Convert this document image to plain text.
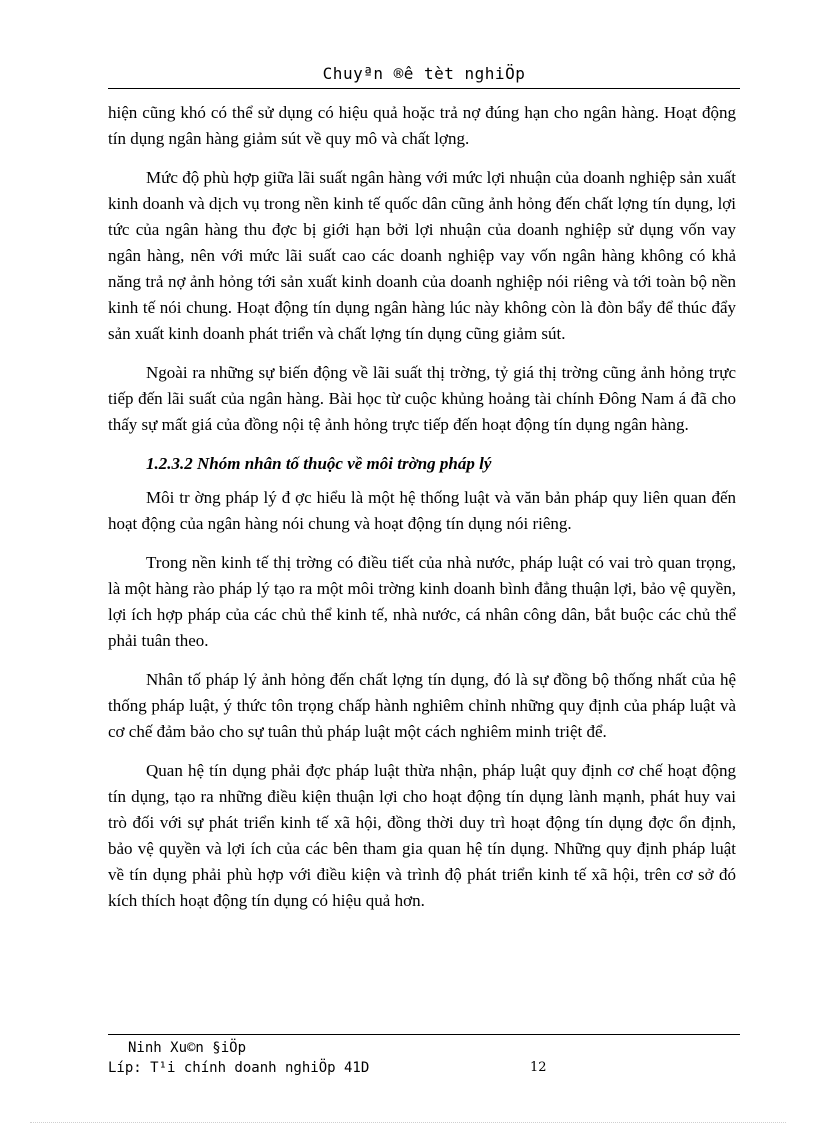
Chuyªn ®ê tèt nghiÖp

hiện cũng khó có thể sử dụng có hiệu quả hoặc trả nợ đúng hạn cho ngân hàng. Hoạt động tín dụng ngân hàng giảm sút về quy mô và chất lợng.

Mức độ phù hợp giữa lãi suất ngân hàng với mức lợi nhuận của doanh nghiệp sản xuất kinh doanh và dịch vụ trong nền kinh tế quốc dân cũng ảnh hỏng đến chất lợng tín dụng, lợi tức của ngân hàng thu đợc bị giới hạn bởi lợi nhuận của doanh nghiệp sử dụng vốn vay ngân hàng, nên với mức lãi suất cao các doanh nghiệp vay vốn ngân hàng không có khả năng trả nợ ảnh hỏng tới sản xuất kinh doanh của doanh nghiệp nói riêng và tới toàn bộ nền kinh tế nói chung. Hoạt động tín dụng ngân hàng lúc này không còn là đòn bẩy để thúc đẩy sản xuất kinh doanh phát triển và chất lợng tín dụng cũng giảm sút.

Ngoài ra những sự biến động về lãi suất thị trờng, tỷ giá thị trờng cũng ảnh hỏng trực tiếp đến lãi suất của ngân hàng. Bài học từ cuộc khủng hoảng tài chính Đông Nam á đã cho thấy sự mất giá của đồng nội tệ ảnh hỏng trực tiếp đến hoạt động tín dụng ngân hàng.

1.2.3.2 Nhóm nhân tố thuộc về môi trờng pháp lý

Môi tr ờng pháp lý đ ợc hiểu là một hệ thống luật và văn bản pháp quy liên quan đến hoạt động của ngân hàng nói chung và hoạt động tín dụng nói riêng.

Trong nền kinh tế thị trờng có điều tiết của nhà nước, pháp luật có vai trò quan trọng, là một hàng rào pháp lý tạo ra một môi trờng kinh doanh bình đẳng thuận lợi, bảo vệ quyền, lợi ích hợp pháp của các chủ thể kinh tế, nhà nước, cá nhân công dân, bắt buộc các chủ thể phải tuân theo.

Nhân tố pháp lý ảnh hỏng đến chất lợng tín dụng, đó là sự đồng bộ thống nhất của hệ thống pháp luật, ý thức tôn trọng chấp hành nghiêm chỉnh những quy định của pháp luật và cơ chế đảm bảo cho sự tuân thủ pháp luật một cách nghiêm minh triệt để.

Quan hệ tín dụng phải đợc pháp luật thừa nhận, pháp luật quy định cơ chế hoạt động tín dụng, tạo ra những điều kiện thuận lợi cho hoạt động tín dụng lành mạnh, phát huy vai trò đối với sự phát triển kinh tế xã hội, đồng thời duy trì hoạt động tín dụng đợc ổn định, bảo vệ quyền và lợi ích của các bên tham gia quan hệ tín dụng. Những quy định pháp luật về tín dụng phải phù hợp với điều kiện và trình độ phát triển kinh tế xã hội, trên cơ sở đó kích thích hoạt động tín dụng có hiệu quả hơn.

Ninh Xu©n §iÖp
Líp: T¹i chính doanh nghiÖp 41D	12
